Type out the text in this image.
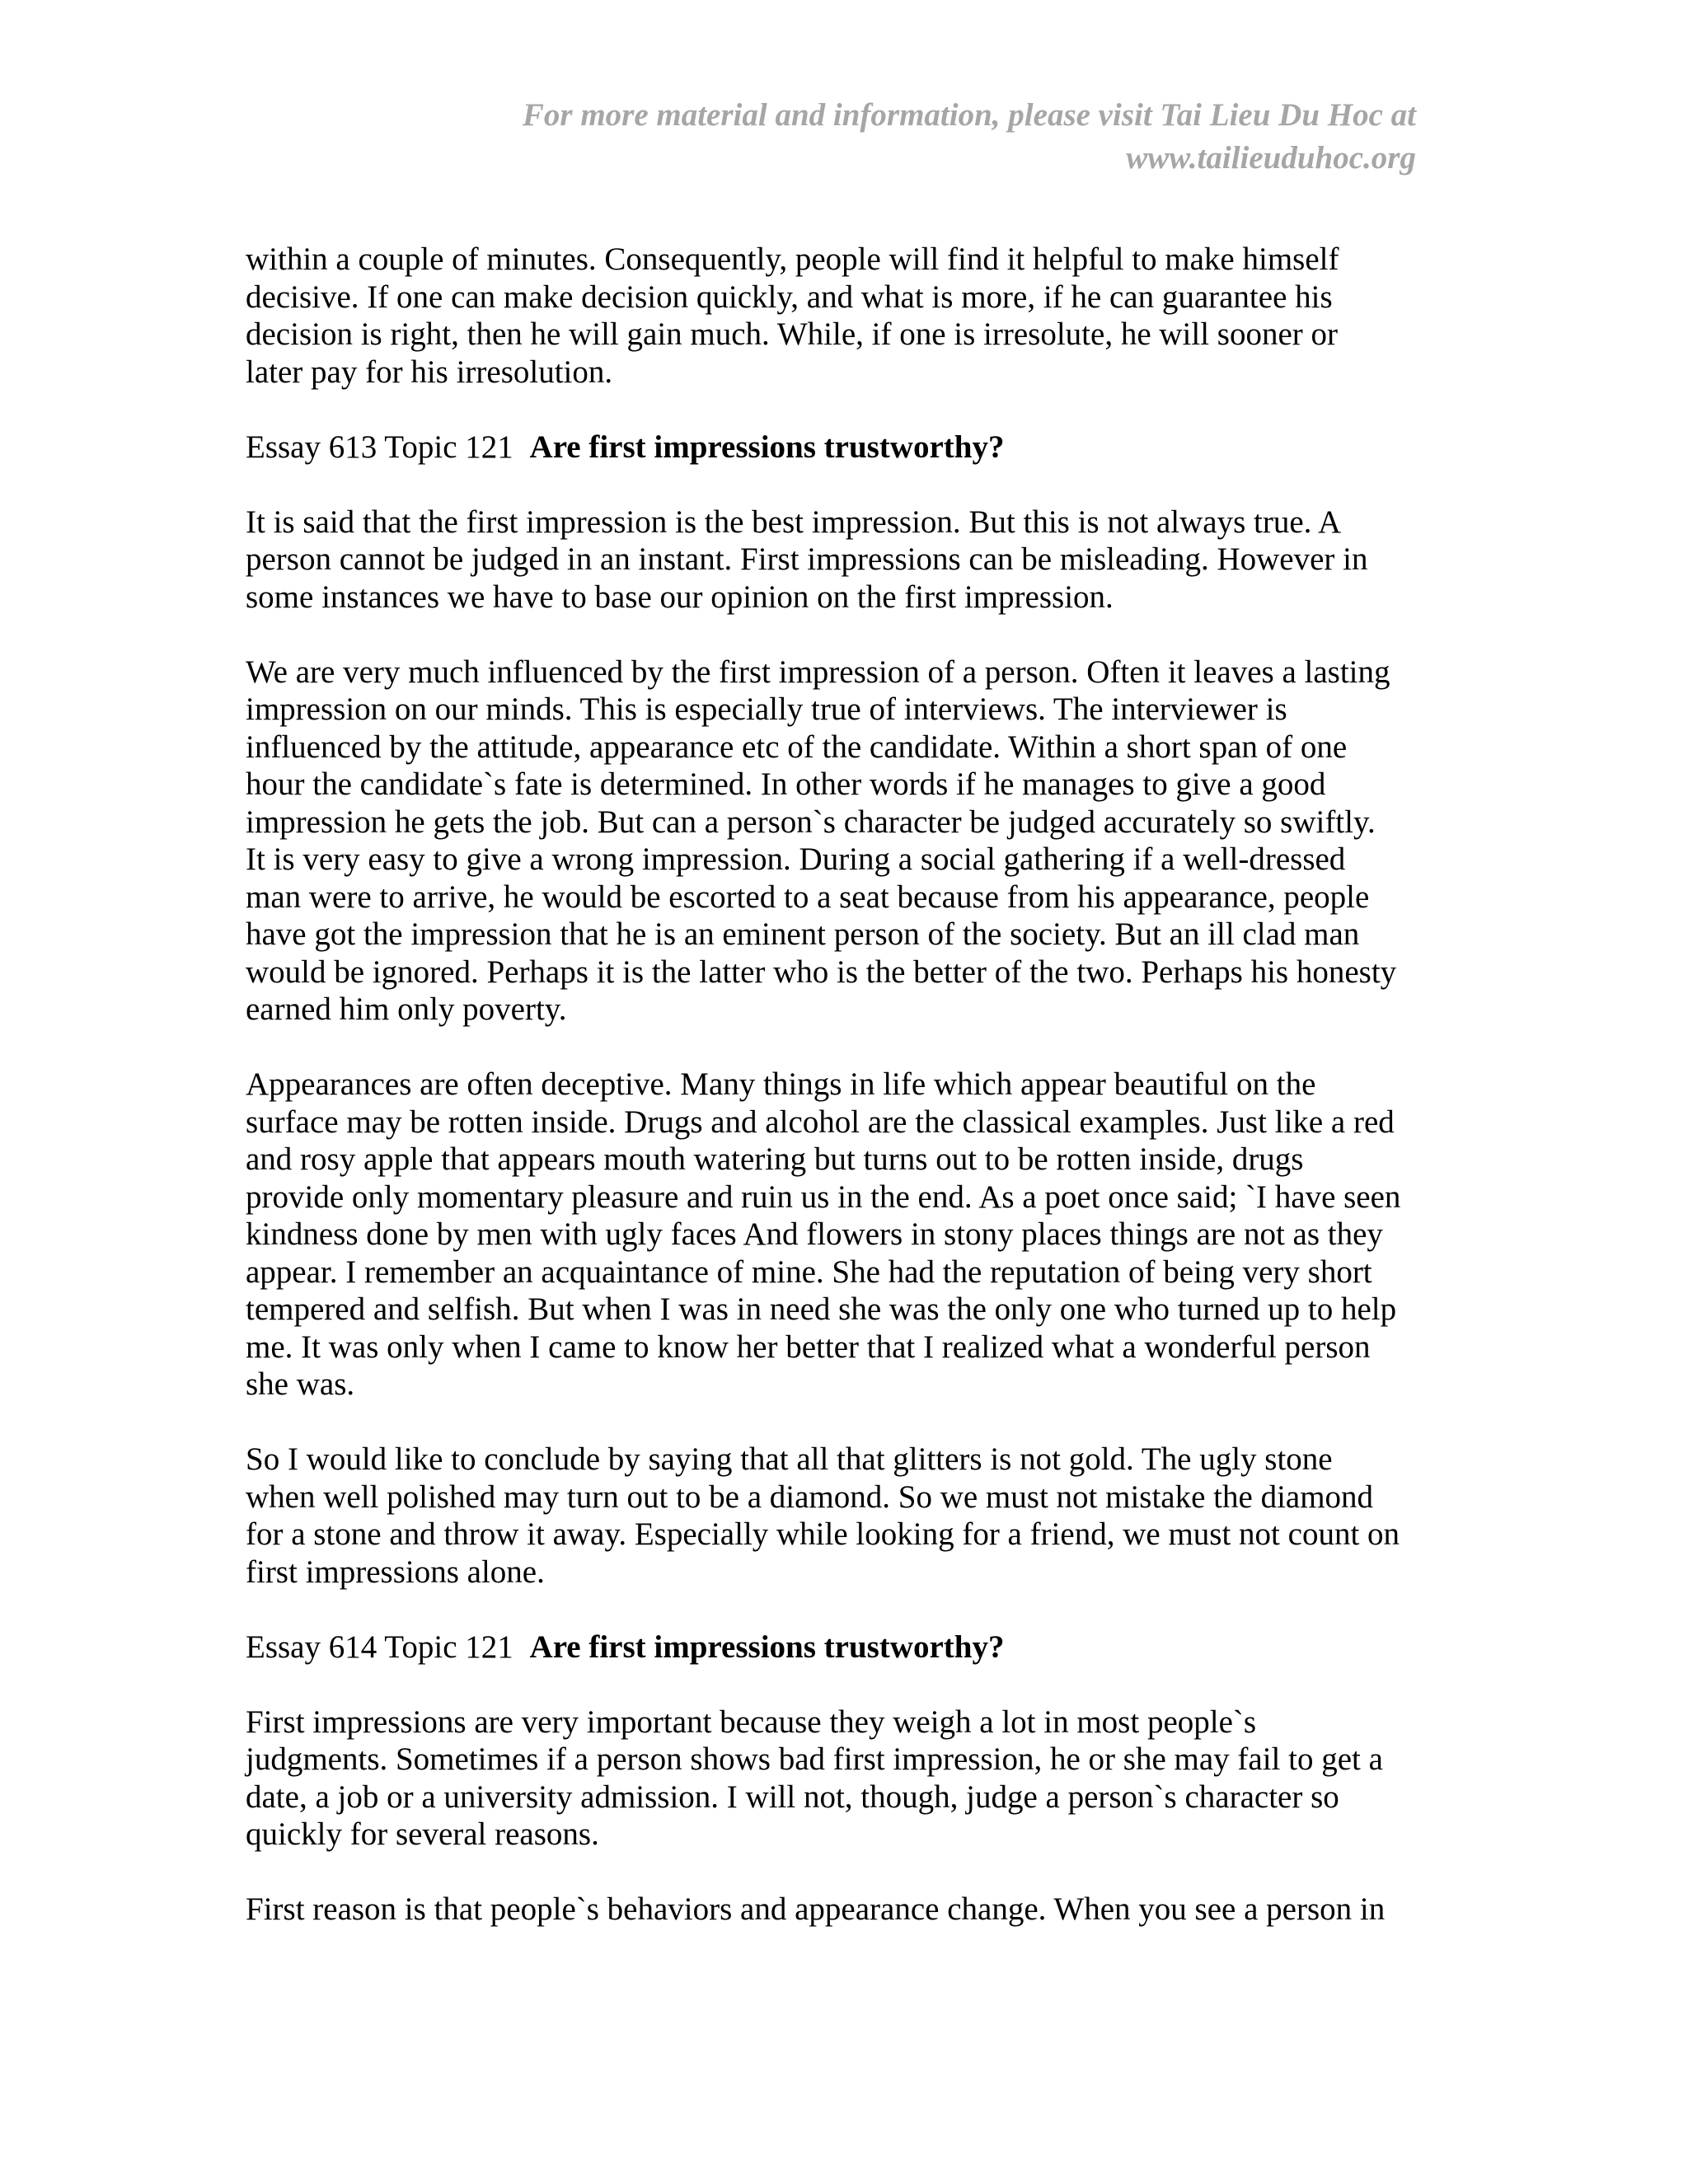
For more material and information, please visit Tai Lieu Du Hoc at
www.tailieuduhoc.org
within a couple of minutes. Consequently, people will find it helpful to make himself
decisive. If one can make decision quickly, and what is more, if he can guarantee his
decision is right, then he will gain much. While, if one is irresolute, he will sooner or
later pay for his irresolution.
Essay 613 Topic 121 Are first impressions trustworthy?
It is said that the first impression is the best impression. But this is not always true. A
person cannot be judged in an instant. First impressions can be misleading. However in
some instances we have to base our opinion on the first impression.
We are very much influenced by the first impression of a person. Often it leaves a lasting
impression on our minds. This is especially true of interviews. The interviewer is
influenced by the attitude, appearance etc of the candidate. Within a short span of one
hour the candidate`s fate is determined. In other words if he manages to give a good
impression he gets the job. But can a person`s character be judged accurately so swiftly.
It is very easy to give a wrong impression. During a social gathering if a well-dressed
man were to arrive, he would be escorted to a seat because from his appearance, people
have got the impression that he is an eminent person of the society. But an ill clad man
would be ignored. Perhaps it is the latter who is the better of the two. Perhaps his honesty
earned him only poverty.
Appearances are often deceptive. Many things in life which appear beautiful on the
surface may be rotten inside. Drugs and alcohol are the classical examples. Just like a red
and rosy apple that appears mouth watering but turns out to be rotten inside, drugs
provide only momentary pleasure and ruin us in the end. As a poet once said; `I have seen
kindness done by men with ugly faces And flowers in stony places things are not as they
appear. I remember an acquaintance of mine. She had the reputation of being very short
tempered and selfish. But when I was in need she was the only one who turned up to help
me. It was only when I came to know her better that I realized what a wonderful person
she was.
So I would like to conclude by saying that all that glitters is not gold. The ugly stone
when well polished may turn out to be a diamond. So we must not mistake the diamond
for a stone and throw it away. Especially while looking for a friend, we must not count on
first impressions alone.
Essay 614 Topic 121 Are first impressions trustworthy?
First impressions are very important because they weigh a lot in most people`s
judgments. Sometimes if a person shows bad first impression, he or she may fail to get a
date, a job or a university admission. I will not, though, judge a person`s character so
quickly for several reasons.
First reason is that people`s behaviors and appearance change. When you see a person in
